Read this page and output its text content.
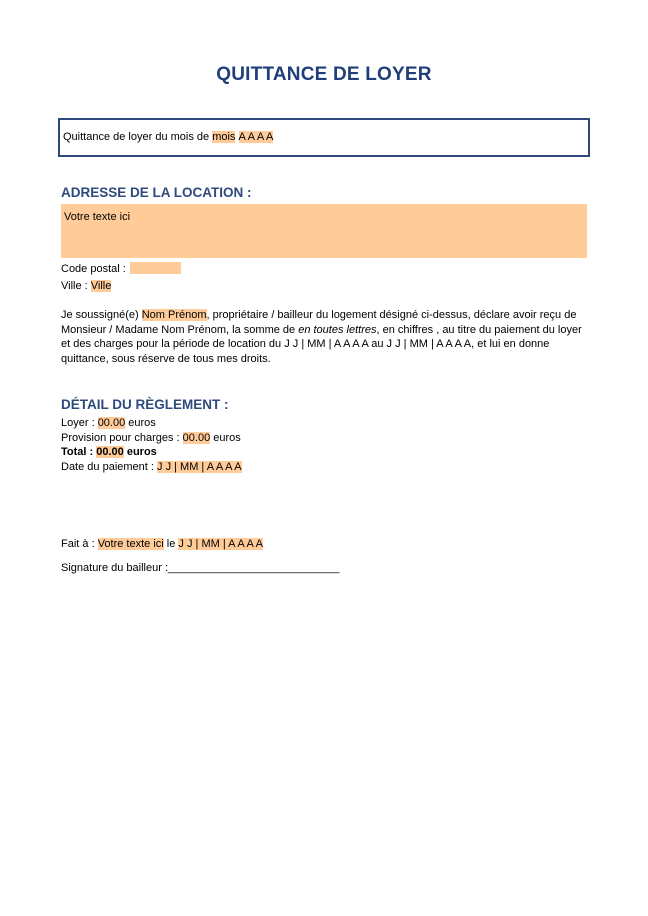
QUITTANCE DE LOYER
Quittance de loyer du mois de mois A A A A
ADRESSE DE LA LOCATION :
Votre texte ici
Code postal :
Ville : Ville
Je soussigné(e) Nom Prénom, propriétaire / bailleur du logement désigné ci-dessus, déclare avoir reçu de Monsieur / Madame Nom Prénom, la somme de en toutes lettres, en chiffres , au titre du paiement du loyer et des charges pour la période de location du J J | MM | A A A A au J J | MM | A A A A, et lui en donne quittance, sous réserve de tous mes droits.
DÉTAIL DU RÈGLEMENT :
Loyer : 00.00 euros
Provision pour charges : 00.00 euros
Total : 00.00 euros
Date du paiement : J J | MM | A A A A
Fait à : Votre texte ici le J J | MM | A A A A
Signature du bailleur :____________________________
